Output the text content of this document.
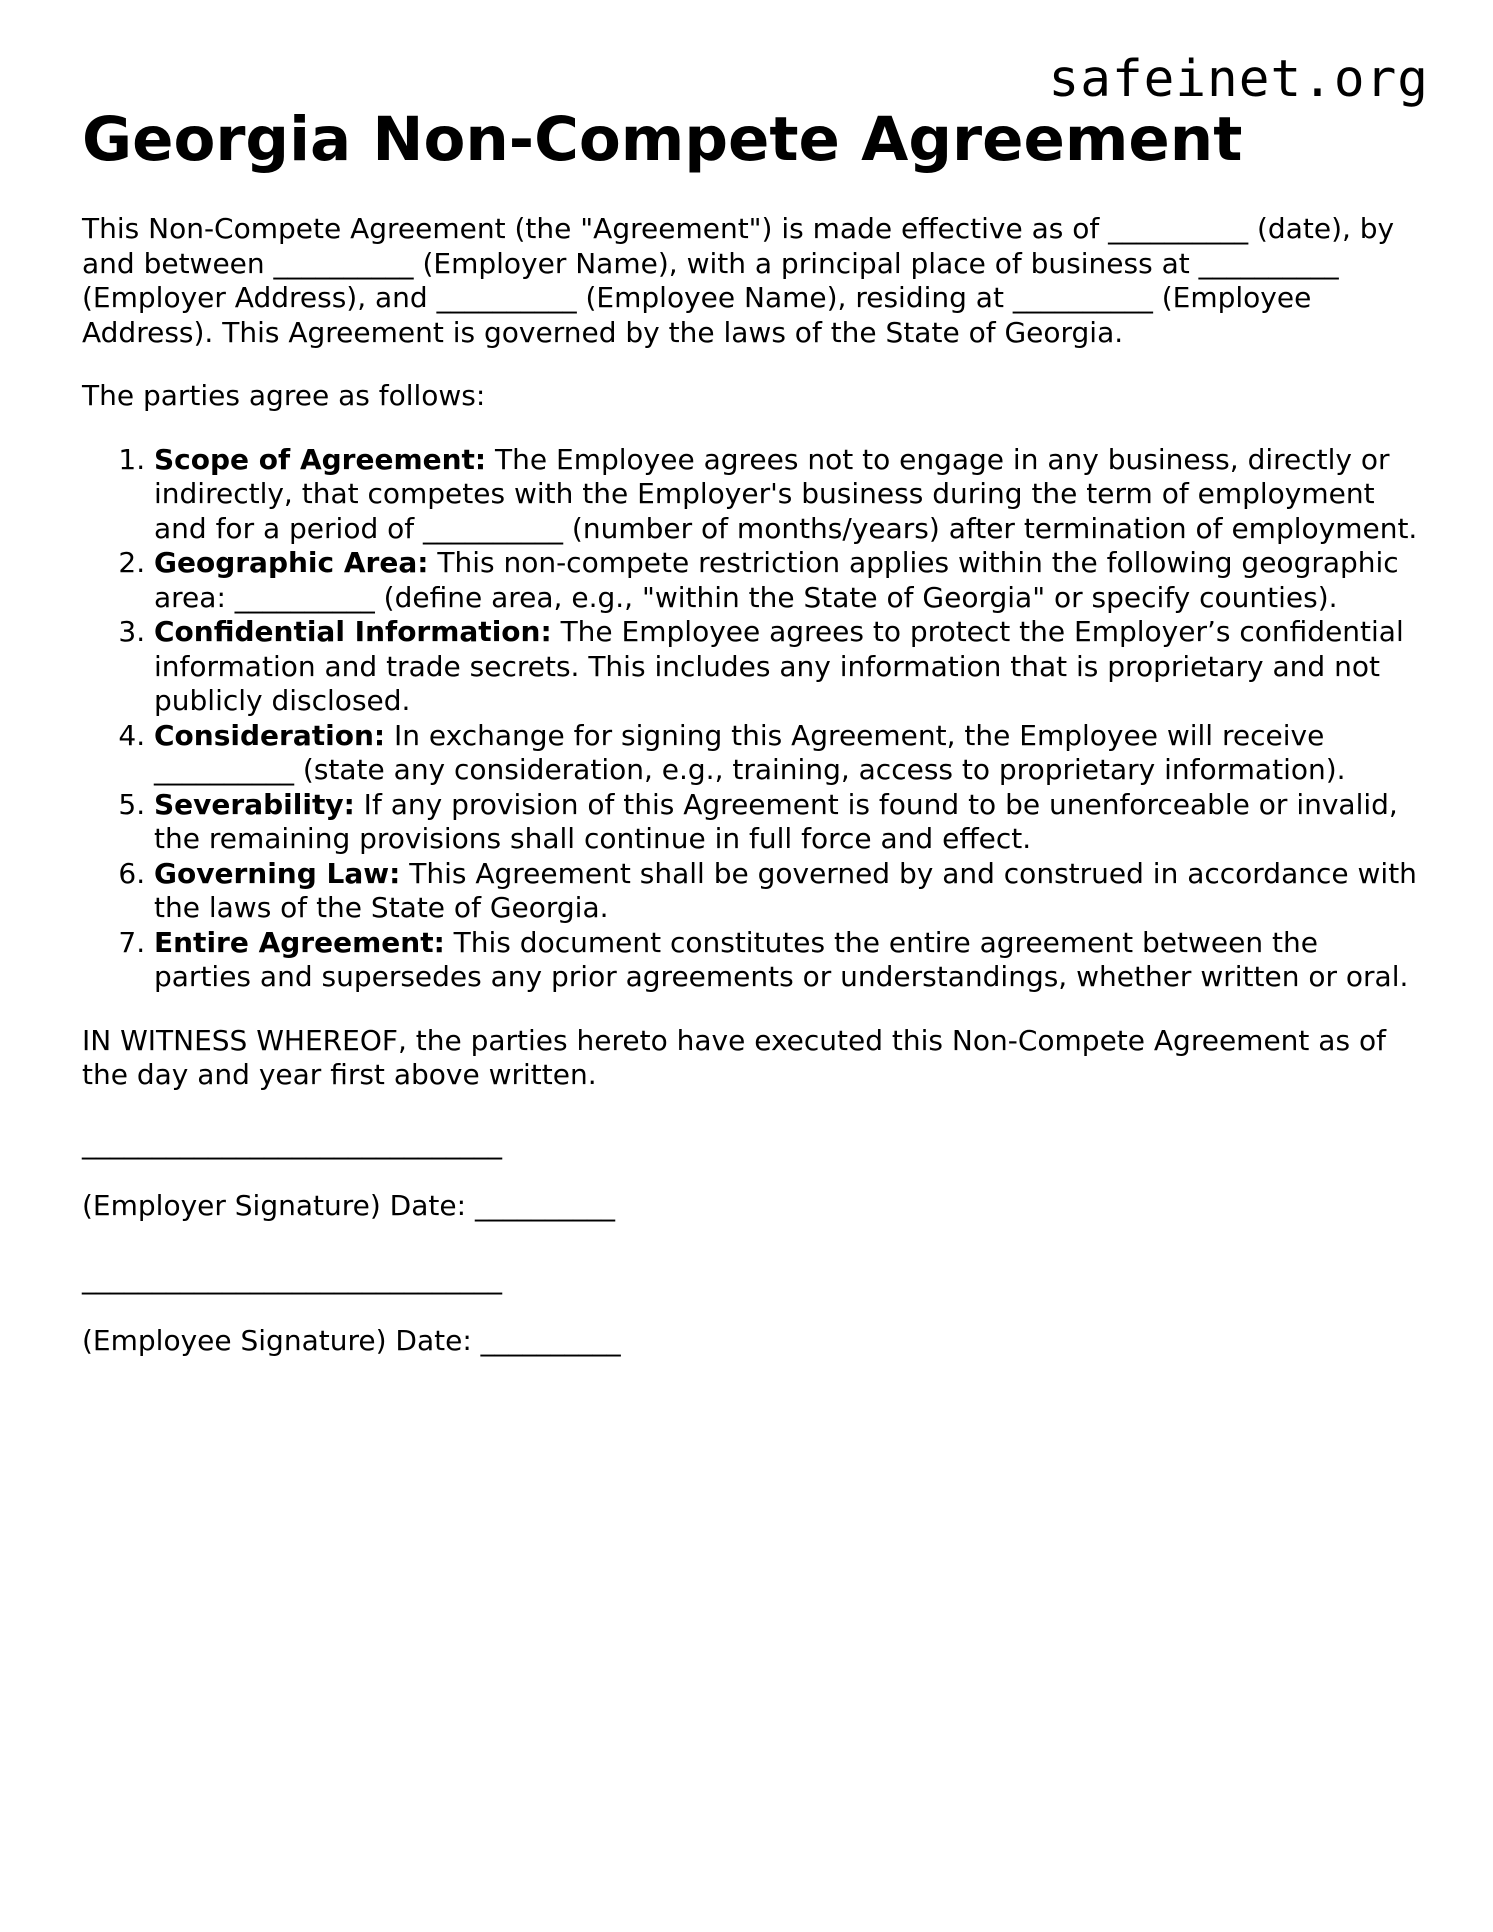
safeinet.org
Georgia Non-Compete Agreement

This Non-Compete Agreement (the "Agreement") is made effective as of __________ (date), by and between __________ (Employer Name), with a principal place of business at __________ (Employer Address), and __________ (Employee Name), residing at __________ (Employee Address). This Agreement is governed by the laws of the State of Georgia.

The parties agree as follows:

1. Scope of Agreement: The Employee agrees not to engage in any business, directly or indirectly, that competes with the Employer's business during the term of employment and for a period of __________ (number of months/years) after termination of employment.
2. Geographic Area: This non-compete restriction applies within the following geographic area: __________ (define area, e.g., "within the State of Georgia" or specify counties).
3. Confidential Information: The Employee agrees to protect the Employer’s confidential information and trade secrets. This includes any information that is proprietary and not publicly disclosed.
4. Consideration: In exchange for signing this Agreement, the Employee will receive __________ (state any consideration, e.g., training, access to proprietary information).
5. Severability: If any provision of this Agreement is found to be unenforceable or invalid, the remaining provisions shall continue in full force and effect.
6. Governing Law: This Agreement shall be governed by and construed in accordance with the laws of the State of Georgia.
7. Entire Agreement: This document constitutes the entire agreement between the parties and supersedes any prior agreements or understandings, whether written or oral.

IN WITNESS WHEREOF, the parties hereto have executed this Non-Compete Agreement as of the day and year first above written.

______________________________
(Employer Signature) Date: __________
______________________________
(Employee Signature) Date: __________
